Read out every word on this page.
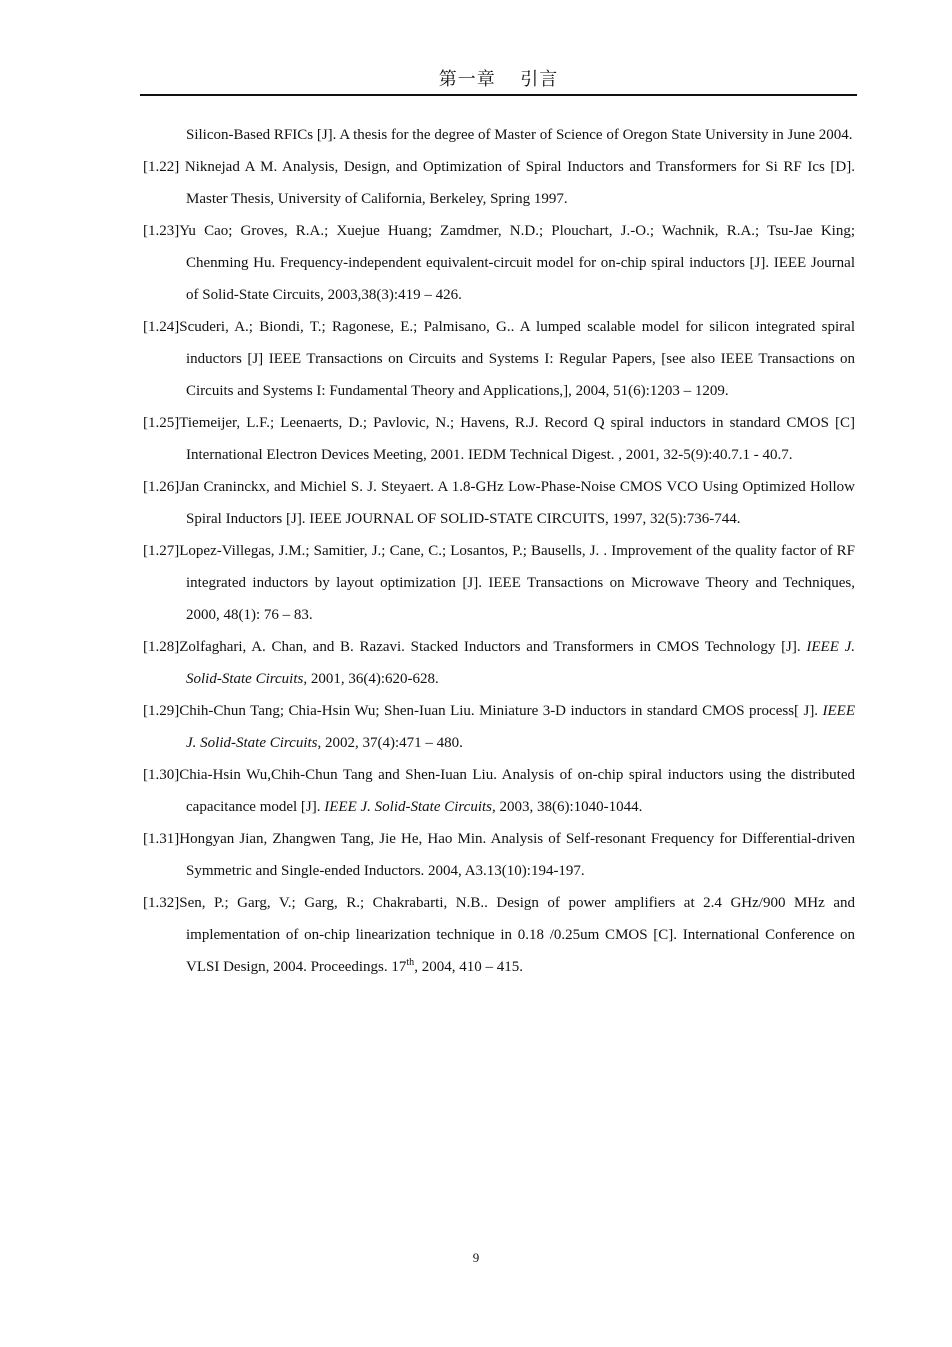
第一章　 引言
Silicon-Based RFICs [J]. A thesis for the degree of Master of Science of Oregon State University in June 2004.
[1.22] Niknejad A M. Analysis, Design, and Optimization of Spiral Inductors and Transformers for Si RF Ics [D]. Master Thesis, University of California, Berkeley, Spring 1997.
[1.23]Yu Cao; Groves, R.A.; Xuejue Huang; Zamdmer, N.D.; Plouchart, J.-O.; Wachnik, R.A.; Tsu-Jae King; Chenming Hu. Frequency-independent equivalent-circuit model for on-chip spiral inductors [J]. IEEE Journal of Solid-State Circuits, 2003,38(3):419 – 426.
[1.24]Scuderi, A.; Biondi, T.; Ragonese, E.; Palmisano, G.. A lumped scalable model for silicon integrated spiral inductors [J] IEEE Transactions on Circuits and Systems I: Regular Papers, [see also IEEE Transactions on Circuits and Systems I: Fundamental Theory and Applications,], 2004, 51(6):1203 – 1209.
[1.25]Tiemeijer, L.F.; Leenaerts, D.; Pavlovic, N.; Havens, R.J. Record Q spiral inductors in standard CMOS [C] International Electron Devices Meeting, 2001. IEDM Technical Digest. , 2001, 32-5(9):40.7.1 - 40.7.
[1.26]Jan Craninckx, and Michiel S. J. Steyaert. A 1.8-GHz Low-Phase-Noise CMOS VCO Using Optimized Hollow Spiral Inductors [J]. IEEE JOURNAL OF SOLID-STATE CIRCUITS, 1997, 32(5):736-744.
[1.27]Lopez-Villegas, J.M.; Samitier, J.; Cane, C.; Losantos, P.; Bausells, J. . Improvement of the quality factor of RF integrated inductors by layout optimization [J]. IEEE Transactions on Microwave Theory and Techniques, 2000, 48(1): 76 – 83.
[1.28]Zolfaghari, A. Chan, and B. Razavi. Stacked Inductors and Transformers in CMOS Technology [J]. IEEE J. Solid-State Circuits, 2001, 36(4):620-628.
[1.29]Chih-Chun Tang; Chia-Hsin Wu; Shen-Iuan Liu. Miniature 3-D inductors in standard CMOS process[ J]. IEEE J. Solid-State Circuits, 2002, 37(4):471 – 480.
[1.30]Chia-Hsin Wu,Chih-Chun Tang and Shen-Iuan Liu. Analysis of on-chip spiral inductors using the distributed capacitance model [J]. IEEE J. Solid-State Circuits, 2003, 38(6):1040-1044.
[1.31]Hongyan Jian, Zhangwen Tang, Jie He, Hao Min. Analysis of Self-resonant Frequency for Differential-driven Symmetric and Single-ended Inductors. 2004, A3.13(10):194-197.
[1.32]Sen, P.; Garg, V.; Garg, R.; Chakrabarti, N.B.. Design of power amplifiers at 2.4 GHz/900 MHz and implementation of on-chip linearization technique in 0.18 /0.25um CMOS [C]. International Conference on VLSI Design, 2004. Proceedings. 17th, 2004, 410 – 415.
9
